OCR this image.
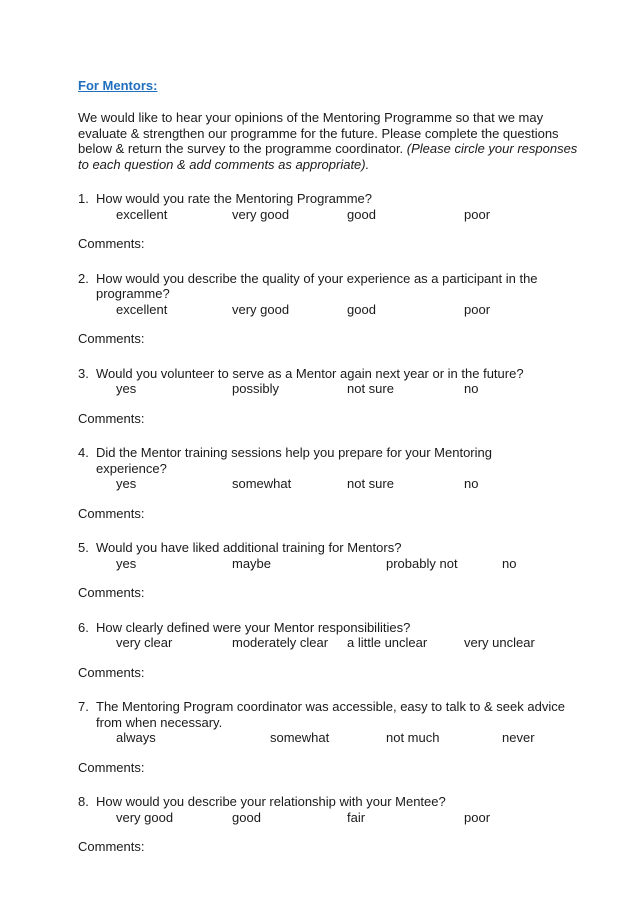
For Mentors:
We would like to hear your opinions of the Mentoring Programme so that we may evaluate & strengthen our programme for the future. Please complete the questions below & return the survey to the programme coordinator. (Please circle your responses to each question & add comments as appropriate).
1. How would you rate the Mentoring Programme?
excellent	very good	good	poor
Comments:
2. How would you describe the quality of your experience as a participant in the programme?
excellent	very good	good	poor
Comments:
3. Would you volunteer to serve as a Mentor again next year or in the future?
yes	possibly	not sure	no
Comments:
4. Did the Mentor training sessions help you prepare for your Mentoring experience?
yes	somewhat	not sure	no
Comments:
5. Would you have liked additional training for Mentors?
yes	maybe	probably not	no
Comments:
6. How clearly defined were your Mentor responsibilities?
very clear	moderately clear a little unclear	very unclear
Comments:
7. The Mentoring Program coordinator was accessible, easy to talk to & seek advice from when necessary.
always	somewhat	not much	never
Comments:
8. How would you describe your relationship with your Mentee?
very good	good	fair	poor
Comments:
